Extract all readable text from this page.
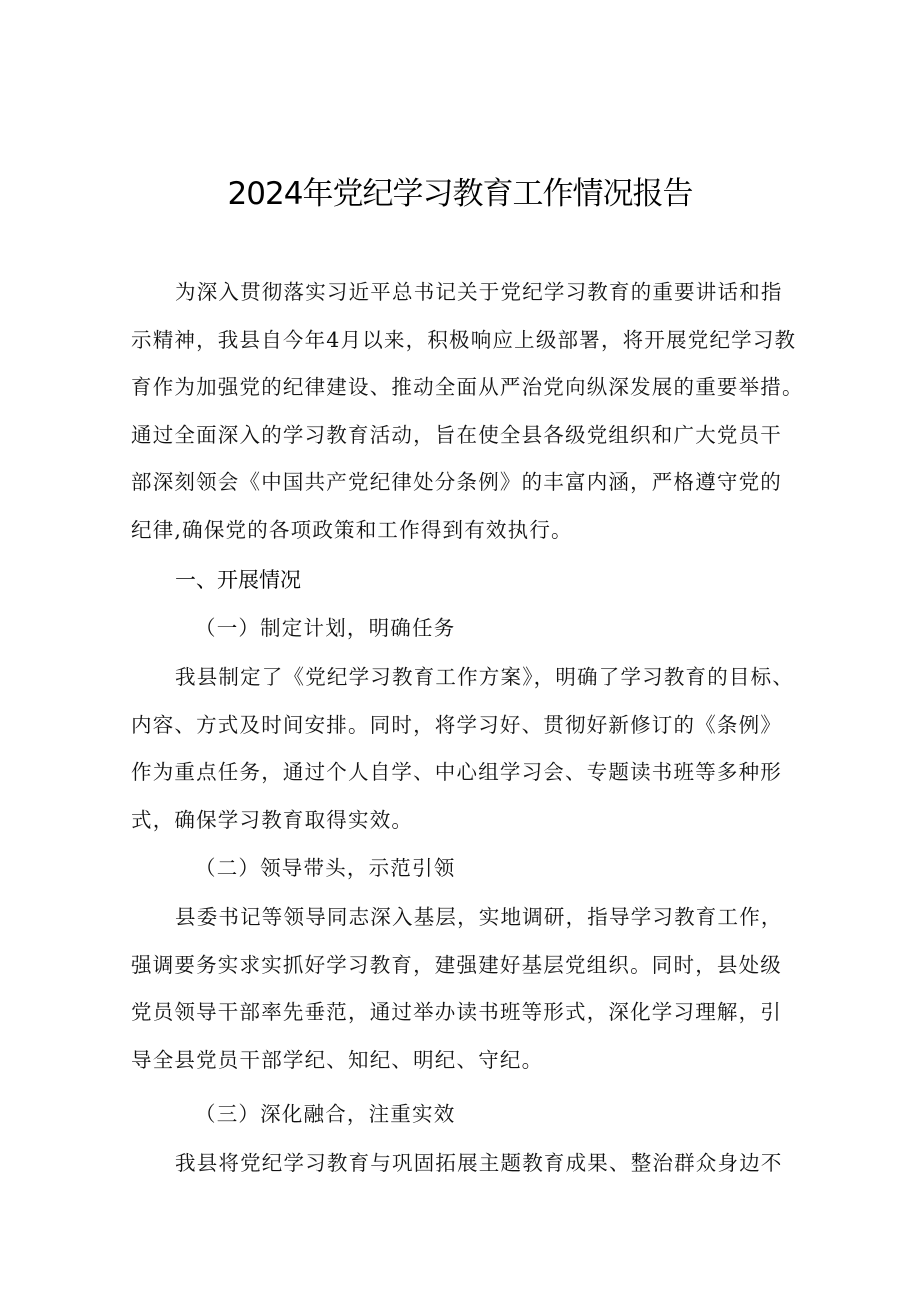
2024年党纪学习教育工作情况报告
为深入贯彻落实习近平总书记关于党纪学习教育的重要讲话和指
示精神，我县自今年4月以来，积极响应上级部署，将开展党纪学习教
育作为加强党的纪律建设、推动全面从严治党向纵深发展的重要举措。
通过全面深入的学习教育活动，旨在使全县各级党组织和广大党员干
部深刻领会《中国共产党纪律处分条例》的丰富内涵，严格遵守党的
纪律,确保党的各项政策和工作得到有效执行。
一、开展情况
（一）制定计划，明确任务
我县制定了《党纪学习教育工作方案》，明确了学习教育的目标、
内容、方式及时间安排。同时，将学习好、贯彻好新修订的《条例》
作为重点任务，通过个人自学、中心组学习会、专题读书班等多种形
式，确保学习教育取得实效。
（二）领导带头，示范引领
县委书记等领导同志深入基层，实地调研，指导学习教育工作，
强调要务实求实抓好学习教育，建强建好基层党组织。同时，县处级
党员领导干部率先垂范，通过举办读书班等形式，深化学习理解，引
导全县党员干部学纪、知纪、明纪、守纪。
（三）深化融合，注重实效
我县将党纪学习教育与巩固拓展主题教育成果、整治群众身边不
